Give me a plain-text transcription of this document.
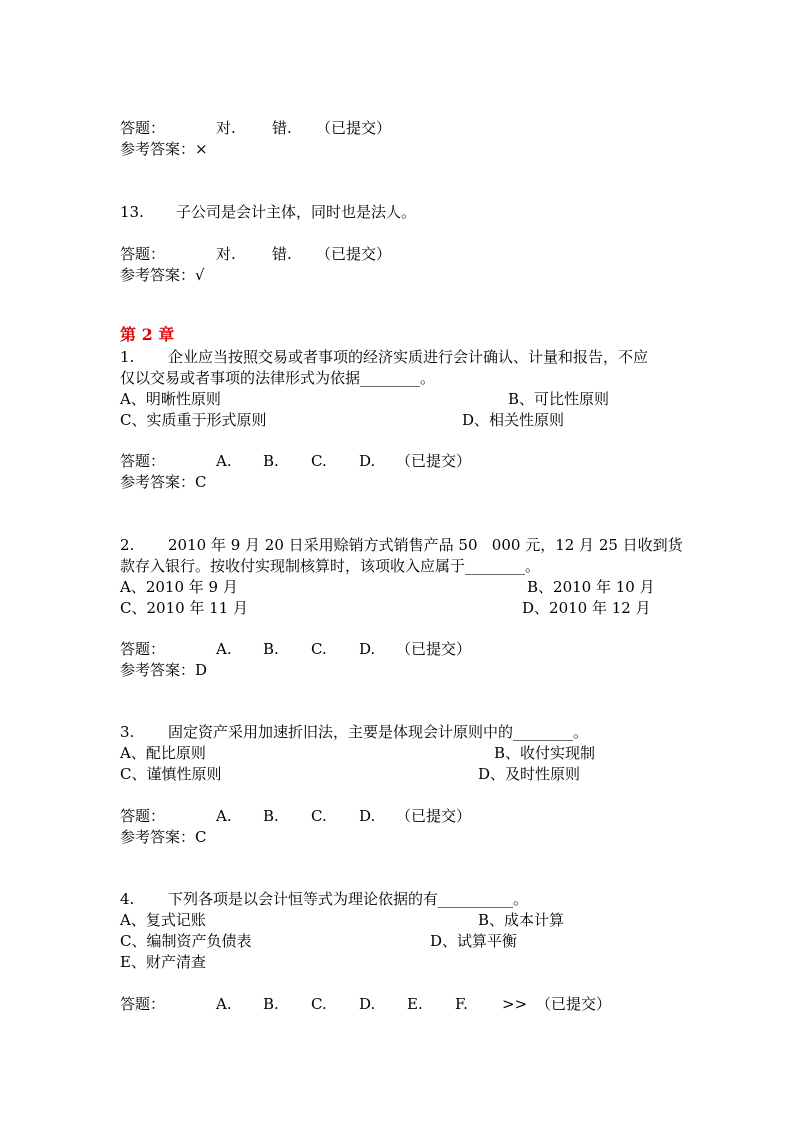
答题：	对. 错. （已提交）
参考答案：×
13. 子公司是会计主体，同时也是法人。
答题：	对. 错. （已提交）
参考答案：√
第 2 章
1. 企业应当按照交易或者事项的经济实质进行会计确认、计量和报告，不应
仅以交易或者事项的法律形式为依据________。
A、明晰性原则	B、可比性原则
C、实质重于形式原则	D、相关性原则
答题：	A. B. C. D. （已提交）
参考答案：C
2. 2010 年 9 月 20 日采用赊销方式销售产品 50   000 元，12 月 25 日收到货
款存入银行。按收付实现制核算时，该项收入应属于________。
A、2010 年 9 月	B、2010 年 10 月
C、2010 年 11 月	D、2010 年 12 月
答题：	A. B. C. D. （已提交）
参考答案：D
3. 固定资产采用加速折旧法，主要是体现会计原则中的________。
A、配比原则	B、收付实现制
C、谨慎性原则	D、及时性原则
答题：	A. B. C. D. （已提交）
参考答案：C
4. 下列各项是以会计恒等式为理论依据的有__________。
A、复式记账	B、成本计算
C、编制资产负债表	D、试算平衡
E、财产清查
答题：	A. B. C. D. E. F. >> （已提交）
